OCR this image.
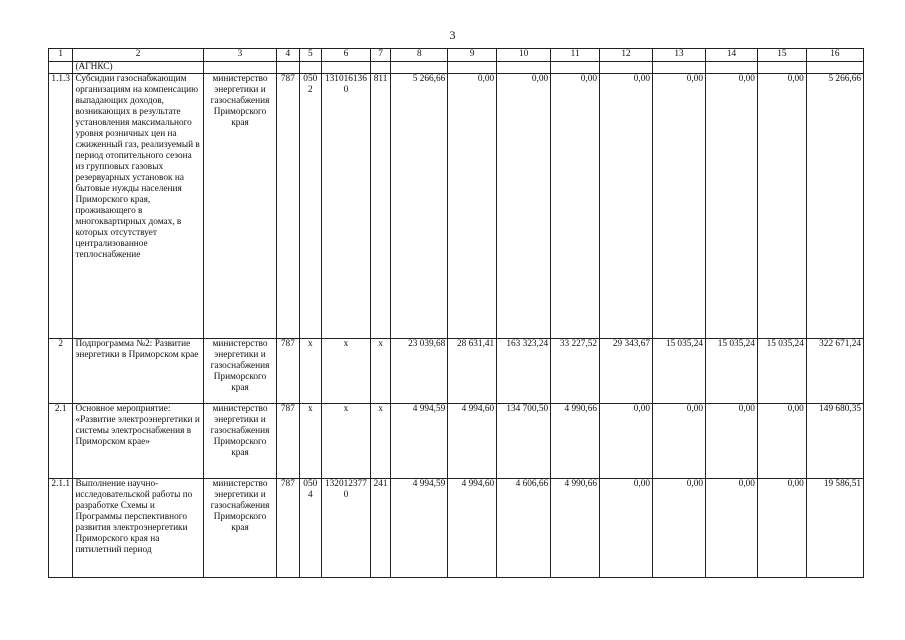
3
1	2	3	4	5	6	7	8	9	10	11	12	13	14	15	16
	(АГНКС)														
1.1.3	Субсидии газоснабжающим организациям на компенсацию выпадающих доходов, возникающих в результате установления максимального уровня розничных цен на сжиженный газ, реализуемый в период отопительного сезона из групповых газовых резервуарных установок на бытовые нужды населения Приморского края, проживающего в многоквартирных домах, в которых отсутствует централизованное теплоснабжение	министерство энергетики и газоснабжения Приморского края	787	0502	1310161360	811	5 266,66	0,00	0,00	0,00	0,00	0,00	0,00	0,00	5 266,66
2	Подпрограмма №2: Развитие энергетики в Приморском крае	министерство энергетики и газоснабжения Приморского края	787	х	х	х	23 039,68	28 631,41	163 323,24	33 227,52	29 343,67	15 035,24	15 035,24	15 035,24	322 671,24
2.1	Основное мероприятие: «Развитие электроэнергетики и системы электроснабжения в Приморском крае»	министерство энергетики и газоснабжения Приморского края	787	х	х	х	4 994,59	4 994,60	134 700,50	4 990,66	0,00	0,00	0,00	0,00	149 680,35
2.1.1	Выполнение научно-исследовательской работы по разработке Схемы и Программы перспективного развития электроэнергетики Приморского края на пятилетний период	министерство энергетики и газоснабжения Приморского края	787	0504	1320123770	241	4 994,59	4 994,60	4 606,66	4 990,66	0,00	0,00	0,00	0,00	19 586,51
